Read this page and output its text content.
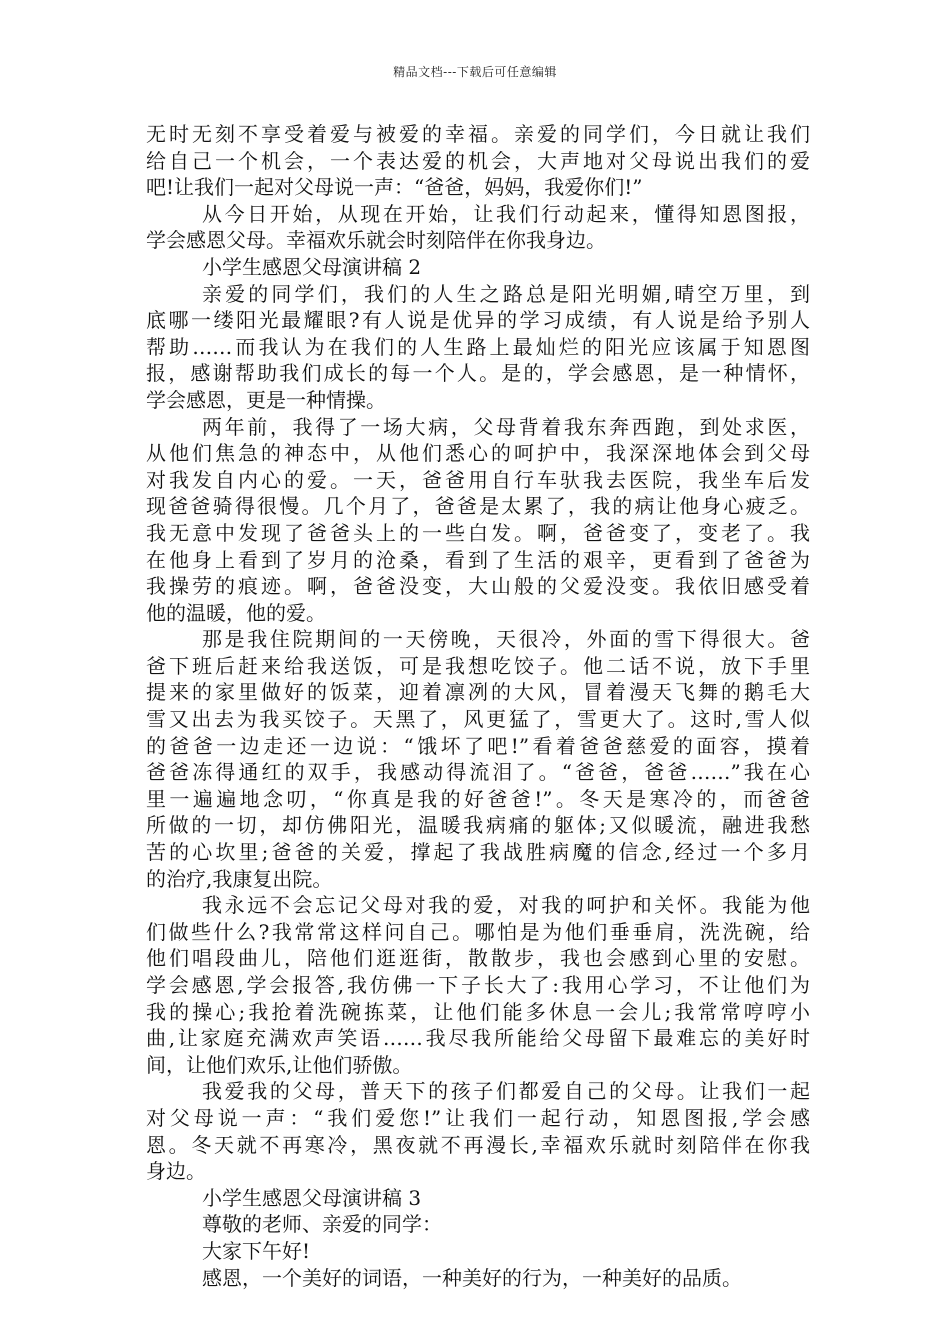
精品文档---下载后可任意编辑
无时无刻不享受着爱与被爱的幸福。亲爱的同学们，今日就让我们
给自己一个机会，一个表达爱的机会，大声地对父母说出我们的爱
吧!让我们一起对父母说一声：“爸爸，妈妈，我爱你们!”
从今日开始，从现在开始，让我们行动起来，懂得知恩图报，
学会感恩父母。幸福欢乐就会时刻陪伴在你我身边。
小学生感恩父母演讲稿 2
亲爱的同学们，我们的人生之路总是阳光明媚,晴空万里，到
底哪一缕阳光最耀眼?有人说是优异的学习成绩，有人说是给予别人
帮助……而我认为在我们的人生路上最灿烂的阳光应该属于知恩图
报，感谢帮助我们成长的每一个人。是的，学会感恩，是一种情怀，
学会感恩，更是一种情操。
两年前，我得了一场大病，父母背着我东奔西跑，到处求医，
从他们焦急的神态中，从他们悉心的呵护中，我深深地体会到父母
对我发自内心的爱。一天，爸爸用自行车驮我去医院，我坐车后发
现爸爸骑得很慢。几个月了，爸爸是太累了，我的病让他身心疲乏。
我无意中发现了爸爸头上的一些白发。啊，爸爸变了，变老了。我
在他身上看到了岁月的沧桑，看到了生活的艰辛，更看到了爸爸为
我操劳的痕迹。啊，爸爸没变，大山般的父爱没变。我依旧感受着
他的温暖，他的爱。
那是我住院期间的一天傍晚，天很冷，外面的雪下得很大。爸
爸下班后赶来给我送饭，可是我想吃饺子。他二话不说，放下手里
提来的家里做好的饭菜，迎着凛冽的大风，冒着漫天飞舞的鹅毛大
雪又出去为我买饺子。天黑了，风更猛了，雪更大了。这时,雪人似
的爸爸一边走还一边说：“饿坏了吧!”看着爸爸慈爱的面容，摸着
爸爸冻得通红的双手，我感动得流泪了。“爸爸，爸爸……”我在心
里一遍遍地念叨，“你真是我的好爸爸!”。冬天是寒冷的，而爸爸
所做的一切，却仿佛阳光，温暖我病痛的躯体;又似暖流，融进我愁
苦的心坎里;爸爸的关爱，撑起了我战胜病魔的信念,经过一个多月
的治疗,我康复出院。
我永远不会忘记父母对我的爱，对我的呵护和关怀。我能为他
们做些什么?我常常这样问自己。哪怕是为他们垂垂肩，洗洗碗，给
他们唱段曲儿，陪他们逛逛街，散散步，我也会感到心里的安慰。
学会感恩,学会报答,我仿佛一下子长大了:我用心学习，不让他们为
我的操心;我抢着洗碗拣菜，让他们能多休息一会儿;我常常哼哼小
曲,让家庭充满欢声笑语……我尽我所能给父母留下最难忘的美好时
间，让他们欢乐,让他们骄傲。
我爱我的父母，普天下的孩子们都爱自己的父母。让我们一起
对父母说一声：“我们爱您!”让我们一起行动，知恩图报,学会感
恩。冬天就不再寒冷，黑夜就不再漫长,幸福欢乐就时刻陪伴在你我
身边。
小学生感恩父母演讲稿 3
尊敬的老师、亲爱的同学：
大家下午好!
感恩，一个美好的词语，一种美好的行为，一种美好的品质。
